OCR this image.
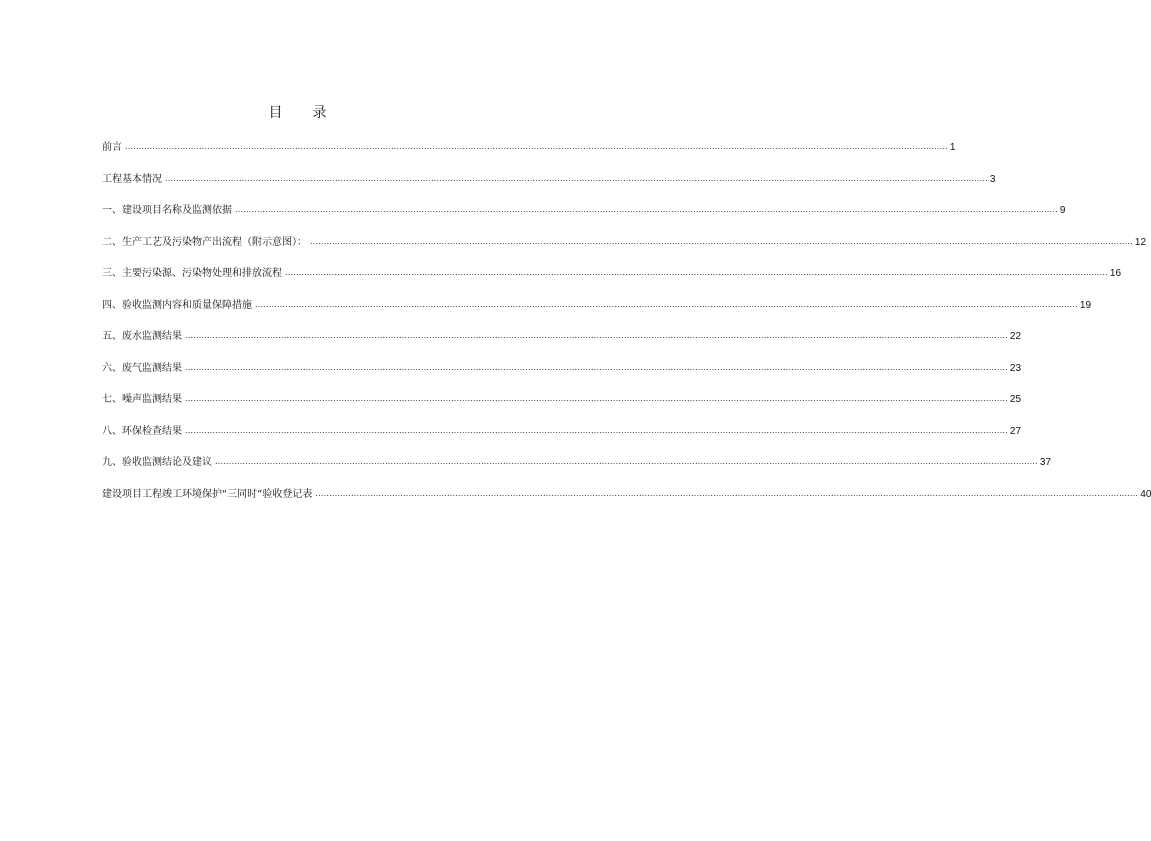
目 录
前言 ............................................................................................................................................................................................................................................................................................................ 1
工程基本情况 ............................................................................................................................................................................................................................................................................................................ 3
一、建设项目名称及监测依据 ............................................................................................................................................................................................................................................................................................................ 9
二、生产工艺及污染物产出流程（附示意图）： ............................................................................................................................................................................................................................................................................................................ 12
三、主要污染源、污染物处理和排放流程 ............................................................................................................................................................................................................................................................................................................ 16
四、验收监测内容和质量保障措施 ............................................................................................................................................................................................................................................................................................................ 19
五、废水监测结果 ............................................................................................................................................................................................................................................................................................................ 22
六、废气监测结果 ............................................................................................................................................................................................................................................................................................................ 23
七、噪声监测结果 ............................................................................................................................................................................................................................................................................................................ 25
八、环保检查结果 ............................................................................................................................................................................................................................................................................................................ 27
九、验收监测结论及建议 ............................................................................................................................................................................................................................................................................................................ 37
建设项目工程竣工环境保护“三同时”验收登记表 ............................................................................................................................................................................................................................................................................................................ 40
